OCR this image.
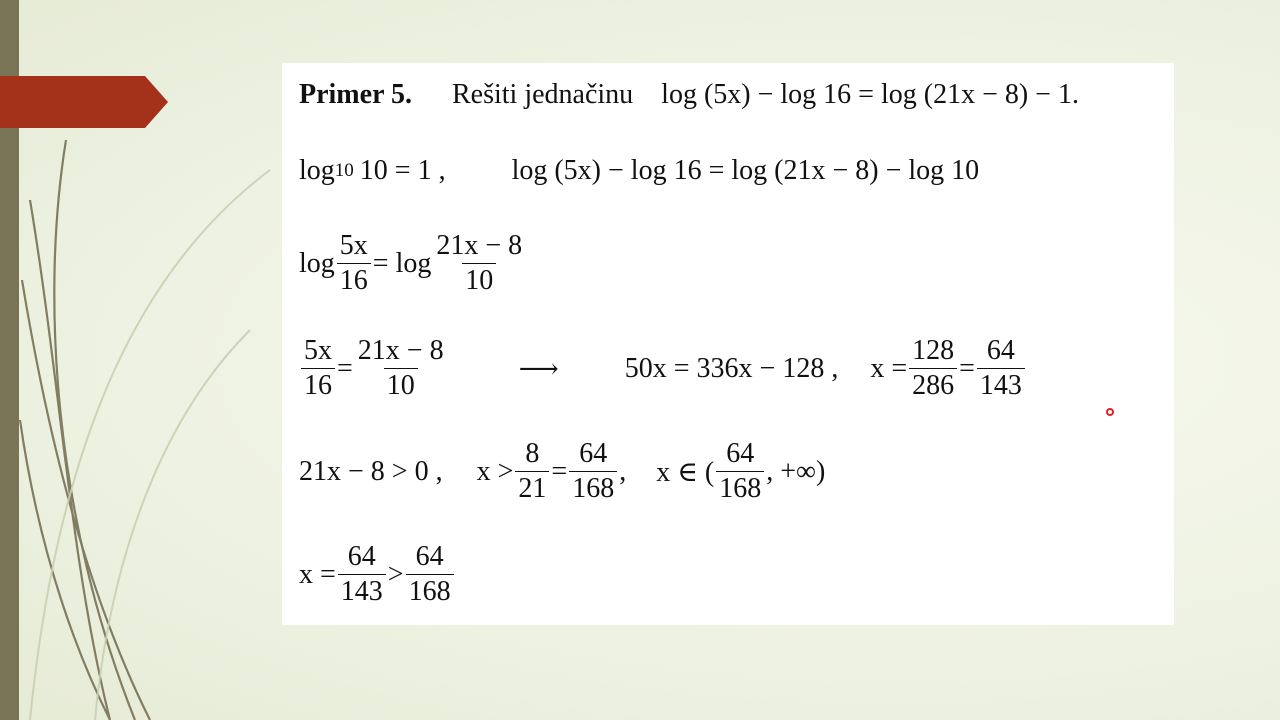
Primer 5. Rešiti jednačinu log (5x) − log 16 = log (21x − 8) − 1.
log 10 10 = 1 , log (5x) − log 16 = log (21x − 8) − log 10
$\log \frac{5x}{16} = \log \frac{21x - 8}{10}$
$\frac{5x}{16} = \frac{21x - 8}{10}$	⟶ 50x = 336x − 128 , $x = \frac{128}{286} = \frac{64}{143}$
21x − 8 > 0 , $x > \frac{8}{21} = \frac{64}{168}$ , x ∈ ( $\frac{64}{168}$ , +∞)
$x = \frac{64}{143} > \frac{64}{168}$
